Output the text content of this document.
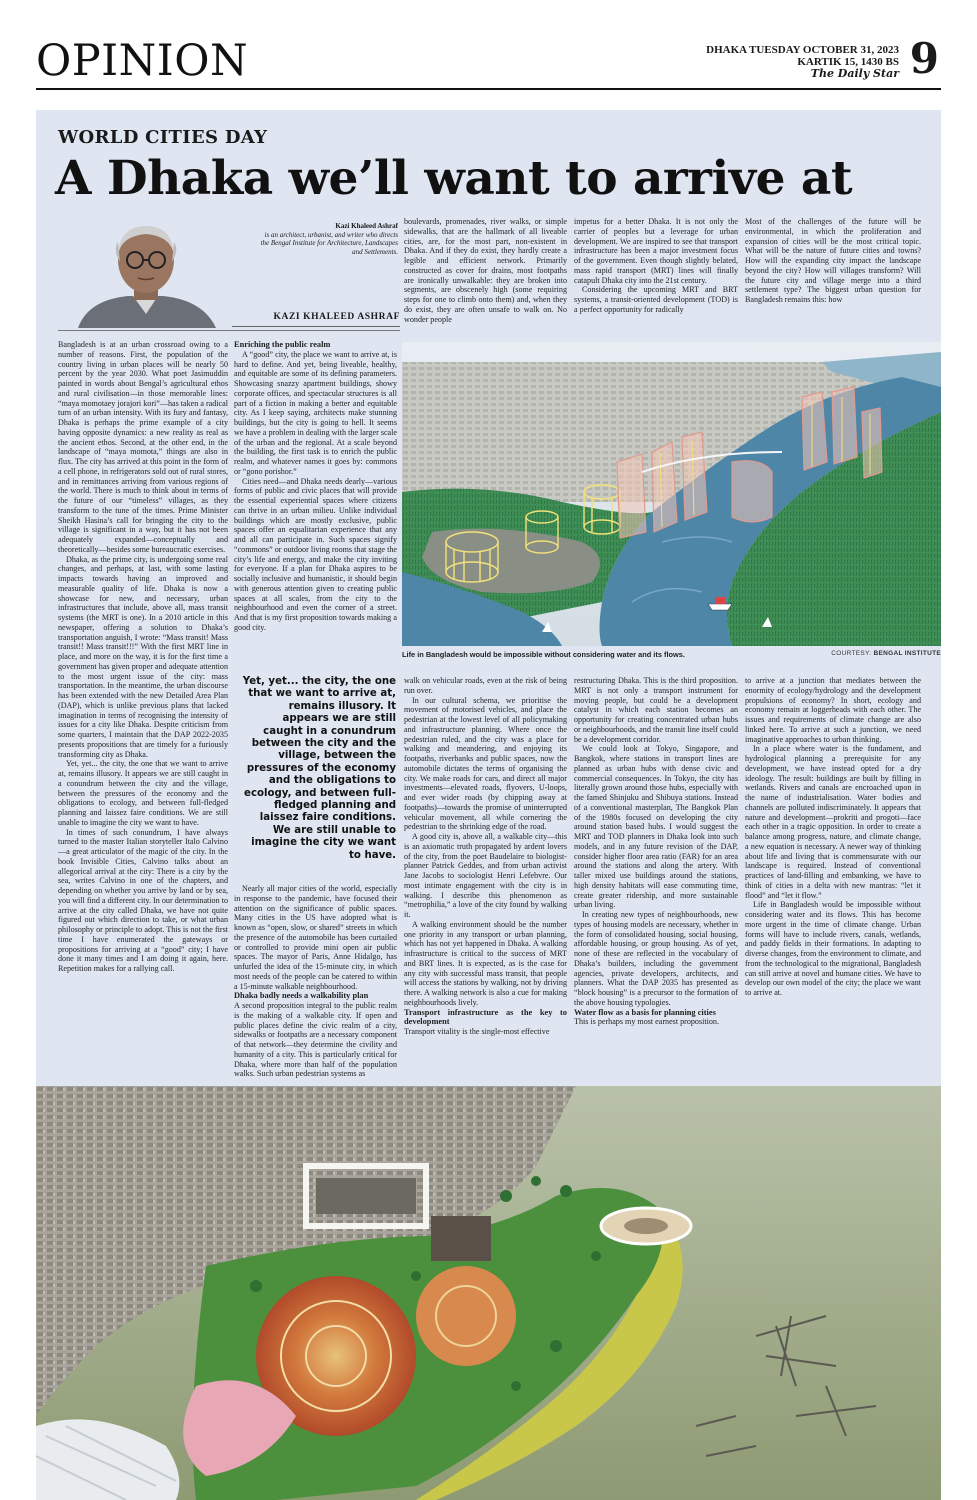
OPINION	DHAKA TUESDAY OCTOBER 31, 2023
KARTIK 15, 1430 BS
The Daily Star 9
WORLD CITIES DAY
A Dhaka we’ll want to arrive at
Kazi Khaleed Ashraf
is an architect, urbanist, and writer who directs the Bengal Institute for Architecture, Landscapes and Settlements.
KAZI KHALEED ASHRAF

Bangladesh is at an urban crossroad owing to a number of reasons. First, the population of the country living in urban places will be nearly 50 percent by the year 2030. What poet Jasimuddin painted in words about Bengal’s agricultural ethos and rural civilisation—in those memorable lines: “maya momotaey jorajori kori”—has taken a radical turn of an urban intensity. With its fury and fantasy, Dhaka is perhaps the prime example of a city having opposite dynamics: a new reality as real as the ancient ethos. Second, at the other end, in the landscape of “maya momota,” things are also in flux. The city has arrived at this point in the form of a cell phone, in refrigerators sold out of rural stores, and in remittances arriving from various regions of the world. There is much to think about in terms of the future of our “timeless” villages, as they transform to the tune of the times. Prime Minister Sheikh Hasina’s call for bringing the city to the village is significant in a way, but it has not been adequately expanded—conceptually and theoretically—besides some bureaucratic exercises.

Dhaka, as the prime city, is undergoing some real changes, and perhaps, at last, with some lasting impacts towards having an improved and measurable quality of life. Dhaka is now a showcase for new, and necessary, urban infrastructures that include, above all, mass transit systems (the MRT is one). In a 2010 article in this newspaper, offering a solution to Dhaka’s transportation anguish, I wrote: “Mass transit! Mass transit!! Mass transit!!!” With the first MRT line in place, and more on the way, it is for the first time a government has given proper and adequate attention to the most urgent issue of the city: mass transportation. In the meantime, the urban discourse has been extended with the new Detailed Area Plan (DAP), which is unlike previous plans that lacked imagination in terms of recognising the intensity of issues for a city like Dhaka. Despite criticism from some quarters, I maintain that the DAP 2022-2035 presents propositions that are timely for a furiously transforming city as Dhaka.

Yet, yet... the city, the one that we want to arrive at, remains illusory. It appears we are still caught in a conundrum between the city and the village, between the pressures of the economy and the obligations to ecology, and between full-fledged planning and laissez faire conditions. We are still unable to imagine the city we want to have.

In times of such conundrum, I have always turned to the master Italian storyteller Italo Calvino—a great articulator of the magic of the city. In the book Invisible Cities, Calvino talks about an allegorical arrival at the city: There is a city by the sea, writes Calvino in one of the chapters, and depending on whether you arrive by land or by sea, you will find a different city. In our determination to arrive at the city called Dhaka, we have not quite figured out which direction to take, or what urban philosophy or principle to adopt. This is not the first time I have enumerated the gateways or propositions for arriving at a “good” city; I have done it many times and I am doing it again, here. Repetition makes for a rallying call.

Enriching the public realm

A “good” city, the place we want to arrive at, is hard to define. And yet, being liveable, healthy, and equitable are some of its defining parameters. Showcasing snazzy apartment buildings, showy corporate offices, and spectacular structures is all part of a fiction in making a better and equitable city. As I keep saying, architects make stunning buildings, but the city is going to hell. It seems we have a problem in dealing with the larger scale of the urban and the regional. At a scale beyond the building, the first task is to enrich the public realm, and whatever names it goes by: commons or “gono porishor.”

Cities need—and Dhaka needs dearly—various forms of public and civic places that will provide the essential experiential spaces where citizens can thrive in an urban milieu. Unlike individual buildings which are mostly exclusive, public spaces offer an equalitarian experience that any and all can participate in. Such spaces signify “commons” or outdoor living rooms that stage the city’s life and energy, and make the city inviting for everyone. If a plan for Dhaka aspires to be socially inclusive and humanistic, it should begin with generous attention given to creating public spaces at all scales, from the city to the neighbourhood and even the corner of a street. And that is my first proposition towards making a good city.

Yet, yet... the city, the one that we want to arrive at, remains illusory. It appears we are still caught in a conundrum between the city and the village, between the pressures of the economy and the obligations to ecology, and between full-fledged planning and laissez faire conditions. We are still unable to imagine the city we want to have.

Nearly all major cities of the world, especially in response to the pandemic, have focused their attention on the significance of public spaces. Many cities in the US have adopted what is known as “open, slow, or shared” streets in which the presence of the automobile has been curtailed or controlled to provide mini open air public spaces. The mayor of Paris, Anne Hidalgo, has unfurled the idea of the 15-minute city, in which most needs of the people can be catered to within a 15-minute walkable neighbourhood.

Dhaka badly needs a walkability plan

A second proposition integral to the public realm is the making of a walkable city. If open and public places define the civic realm of a city, sidewalks or footpaths are a necessary component of that network—they determine the civility and humanity of a city. This is particularly critical for Dhaka, where more than half of the population walks. Such urban pedestrian systems as

boulevards, promenades, river walks, or simple sidewalks, that are the hallmark of all liveable cities, are, for the most part, non-existent in Dhaka. And if they do exist, they hardly create a legible and efficient network. Primarily constructed as cover for drains, most footpaths are ironically unwalkable: they are broken into segments, are obscenely high (some requiring steps for one to climb onto them) and, when they do exist, they are often unsafe to walk on. No wonder people

impetus for a better Dhaka. It is not only the carrier of peoples but a leverage for urban development. We are inspired to see that transport infrastructure has been a major investment focus of the government. Even though slightly belated, mass rapid transport (MRT) lines will finally catapult Dhaka city into the 21st century.

Considering the upcoming MRT and BRT systems, a transit-oriented development (TOD) is a perfect opportunity for radically

Most of the challenges of the future will be environmental, in which the proliferation and expansion of cities will be the most critical topic. What will be the nature of future cities and towns? How will the expanding city impact the landscape beyond the city? How will villages transform? Will the future city and village merge into a third settlement type? The biggest urban question for Bangladesh remains this: how

Life in Bangladesh would be impossible without considering water and its flows.	COURTESY: BENGAL INSTITUTE

walk on vehicular roads, even at the risk of being run over.

In our cultural schema, we prioritise the movement of motorised vehicles, and place the pedestrian at the lowest level of all policymaking and infrastructure planning. Where once the pedestrian ruled, and the city was a place for walking and meandering, and enjoying its footpaths, riverbanks and public spaces, now the automobile dictates the terms of organising the city. We make roads for cars, and direct all major investments—elevated roads, flyovers, U-loops, and ever wider roads (by chipping away at footpaths)—towards the promise of uninterrupted vehicular movement, all while cornering the pedestrian to the shrinking edge of the road.

A good city is, above all, a walkable city—this is an axiomatic truth propagated by ardent lovers of the city, from the poet Baudelaire to biologist-planner Patrick Geddes, and from urban activist Jane Jacobs to sociologist Henri Lefebvre. Our most intimate engagement with the city is in walking. I describe this phenomenon as “metrophilia,” a love of the city found by walking it.

A walking environment should be the number one priority in any transport or urban planning, which has not yet happened in Dhaka. A walking infrastructure is critical to the success of MRT and BRT lines. It is expected, as is the case for any city with successful mass transit, that people will access the stations by walking, not by driving there. A walking network is also a cue for making neighbourhoods lively.

Transport infrastructure as the key to development

Transport vitality is the single-most effective

restructuring Dhaka. This is the third proposition. MRT is not only a transport instrument for moving people, but could be a development catalyst in which each station becomes an opportunity for creating concentrated urban hubs or neighbourhoods, and the transit line itself could be a development corridor.

We could look at Tokyo, Singapore, and Bangkok, where stations in transport lines are planned as urban hubs with dense civic and commercial consequences. In Tokyo, the city has literally grown around those hubs, especially with the famed Shinjuku and Shibuya stations. Instead of a conventional masterplan, The Bangkok Plan of the 1980s focused on developing the city around station based hubs. I would suggest the MRT and TOD planners in Dhaka look into such models, and in any future revision of the DAP, consider higher floor area ratio (FAR) for an area around the stations and along the artery. With taller mixed use buildings around the stations, high density habitats will ease commuting time, create greater ridership, and more sustainable urban living.

In creating new types of neighbourhoods, new types of housing models are necessary, whether in the form of consolidated housing, social housing, affordable housing, or group housing. As of yet, none of these are reflected in the vocabulary of Dhaka’s builders, including the government agencies, private developers, architects, and planners. What the DAP 2035 has presented as “block housing” is a precursor to the formation of the above housing typologies.

Water flow as a basis for planning cities

This is perhaps my most earnest proposition.

to arrive at a junction that mediates between the enormity of ecology/hydrology and the development propulsions of economy? In short, ecology and economy remain at loggerheads with each other. The issues and requirements of climate change are also linked here. To arrive at such a junction, we need imaginative approaches to urban thinking.

In a place where water is the fundament, and hydrological planning a prerequisite for any development, we have instead opted for a dry ideology. The result: buildings are built by filling in wetlands. Rivers and canals are encroached upon in the name of industrialisation. Water bodies and channels are polluted indiscriminately. It appears that nature and development—prokriti and progoti—face each other in a tragic opposition. In order to create a balance among progress, nature, and climate change, a new equation is necessary. A newer way of thinking about life and living that is commensurate with our landscape is required. Instead of conventional practices of land-filling and embanking, we have to think of cities in a delta with new mantras: “let it flood” and “let it flow.”

Life in Bangladesh would be impossible without considering water and its flows. This has become more urgent in the time of climate change. Urban forms will have to include rivers, canals, wetlands, and paddy fields in their formations. In adapting to diverse changes, from the environment to climate, and from the technological to the migrational, Bangladesh can still arrive at novel and humane cities. We have to develop our own model of the city; the place we want to arrive at.
